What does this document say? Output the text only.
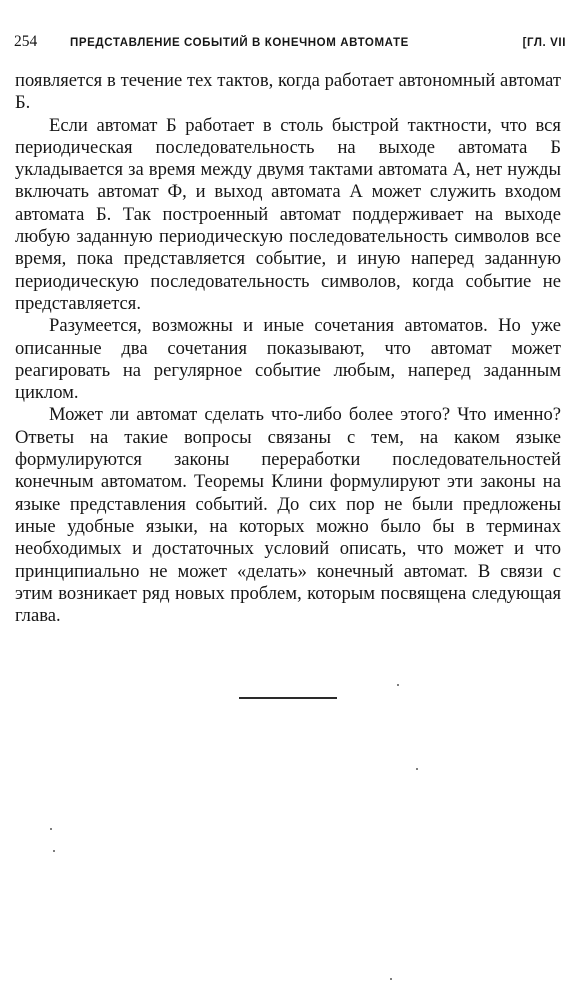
254	ПРЕДСТАВЛЕНИЕ СОБЫТИЙ В КОНЕЧНОМ АВТОМАТЕ	[ГЛ. VII

появляется в течение тех тактов, когда работает автономный автомат Б.

Если автомат Б работает в столь быстрой тактности, что вся периодическая последовательность на выходе автомата Б укладывается за время между двумя тактами автомата А, нет нужды включать автомат Ф, и выход автомата А может служить входом автомата Б. Так построенный автомат поддерживает на выходе любую заданную периодическую последовательность символов все время, пока представляется событие, и иную наперед заданную периодическую последовательность символов, когда событие не представляется.

Разумеется, возможны и иные сочетания автоматов. Но уже описанные два сочетания показывают, что автомат может реагировать на регулярное событие любым, наперед заданным циклом.

Может ли автомат сделать что-либо более этого? Что именно? Ответы на такие вопросы связаны с тем, на каком языке формулируются законы переработки последовательностей конечным автоматом. Теоремы Клини формулируют эти законы на языке представления событий. До сих пор не были предложены иные удобные языки, на которых можно было бы в терминах необходимых и достаточных условий описать, что может и что принципиально не может «делать» конечный автомат. В связи с этим возникает ряд новых проблем, которым посвящена следующая глава.
